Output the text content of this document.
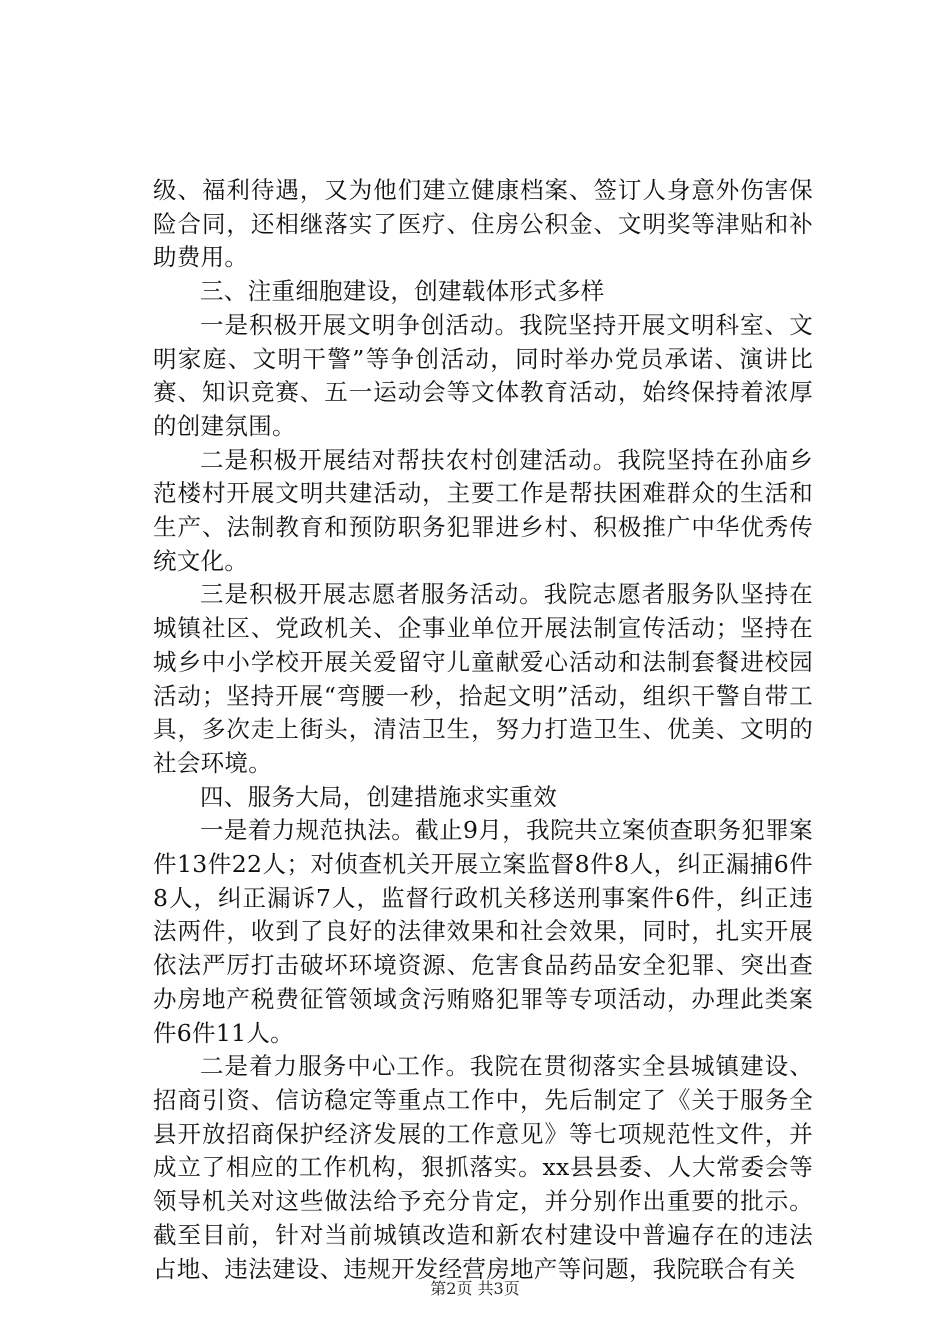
级、福利待遇，又为他们建立健康档案、签订人身意外伤害保险合同，还相继落实了医疗、住房公积金、文明奖等津贴和补助费用。

三、注重细胞建设，创建载体形式多样

一是积极开展文明争创活动。我院坚持开展文明科室、文明家庭、文明干警”等争创活动，同时举办党员承诺、演讲比赛、知识竞赛、五一运动会等文体教育活动，始终保持着浓厚的创建氛围。

二是积极开展结对帮扶农村创建活动。我院坚持在孙庙乡范楼村开展文明共建活动，主要工作是帮扶困难群众的生活和生产、法制教育和预防职务犯罪进乡村、积极推广中华优秀传统文化。

三是积极开展志愿者服务活动。我院志愿者服务队坚持在城镇社区、党政机关、企事业单位开展法制宣传活动；坚持在城乡中小学校开展关爱留守儿童献爱心活动和法制套餐进校园活动；坚持开展“弯腰一秒，拾起文明”活动，组织干警自带工具，多次走上街头，清洁卫生，努力打造卫生、优美、文明的社会环境。

四、服务大局，创建措施求实重效

一是着力规范执法。截止9月，我院共立案侦查职务犯罪案件13件22人；对侦查机关开展立案监督8件8人，纠正漏捕6件8人，纠正漏诉7人，监督行政机关移送刑事案件6件，纠正违法两件，收到了良好的法律效果和社会效果，同时，扎实开展依法严厉打击破坏环境资源、危害食品药品安全犯罪、突出查办房地产税费征管领域贪污贿赂犯罪等专项活动，办理此类案件6件11人。

二是着力服务中心工作。我院在贯彻落实全县城镇建设、招商引资、信访稳定等重点工作中，先后制定了《关于服务全县开放招商保护经济发展的工作意见》等七项规范性文件，并成立了相应的工作机构，狠抓落实。xx县县委、人大常委会等领导机关对这些做法给予充分肯定，并分别作出重要的批示。截至目前，针对当前城镇改造和新农村建设中普遍存在的违法占地、违法建设、违规开发经营房地产等问题，我院联合有关

第2页 共3页
